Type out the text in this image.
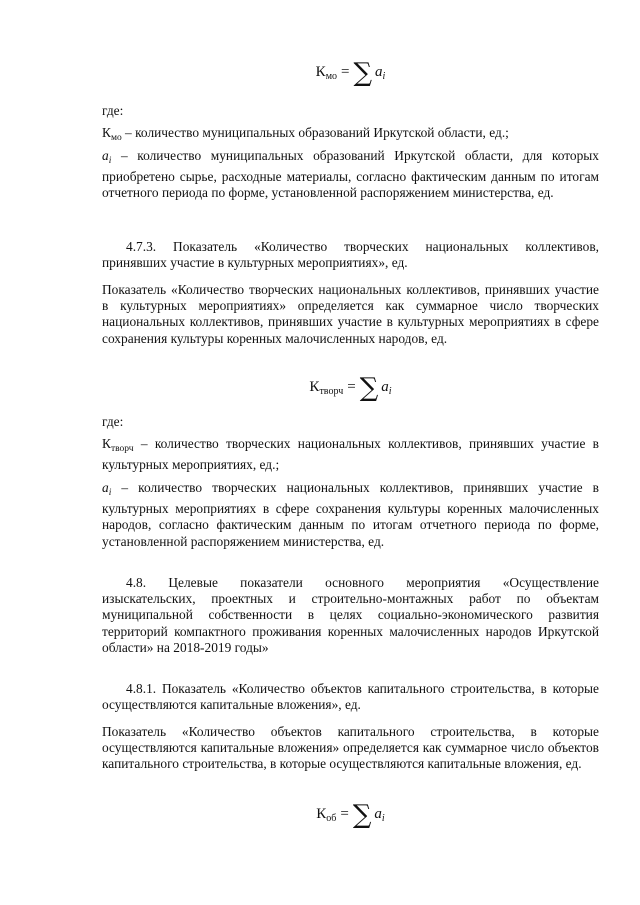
$К_{мо}$ = ∑ $a_i$
где:
$К_{мо}$ – количество муниципальных образований Иркутской области, ед.;
$a_i$ – количество муниципальных образований Иркутской области, для которых приобретено сырье, расходные материалы, согласно фактическим данным по итогам отчетного периода по форме, установленной распоряжением министерства, ед.
4.7.3. Показатель «Количество творческих национальных коллективов, принявших участие в культурных мероприятиях», ед.
Показатель «Количество творческих национальных коллективов, принявших участие в культурных мероприятиях» определяется как суммарное число творческих национальных коллективов, принявших участие в культурных мероприятиях в сфере сохранения культуры коренных малочисленных народов, ед.
$К_{творч}$ = ∑ $a_i$
где:
$К_{творч}$ – количество творческих национальных коллективов, принявших участие в культурных мероприятиях, ед.;
$a_i$ – количество творческих национальных коллективов, принявших участие в культурных мероприятиях в сфере сохранения культуры коренных малочисленных народов, согласно фактическим данным по итогам отчетного периода по форме, установленной распоряжением министерства, ед.
4.8. Целевые показатели основного мероприятия «Осуществление изыскательских, проектных и строительно-монтажных работ по объектам муниципальной собственности в целях социально-экономического развития территорий компактного проживания коренных малочисленных народов Иркутской области» на 2018-2019 годы»
4.8.1. Показатель «Количество объектов капитального строительства, в которые осуществляются капитальные вложения», ед.
Показатель «Количество объектов капитального строительства, в которые осуществляются капитальные вложения» определяется как суммарное число объектов капитального строительства, в которые осуществляются капитальные вложения, ед.
$К_{об}$ = ∑ $a_i$
